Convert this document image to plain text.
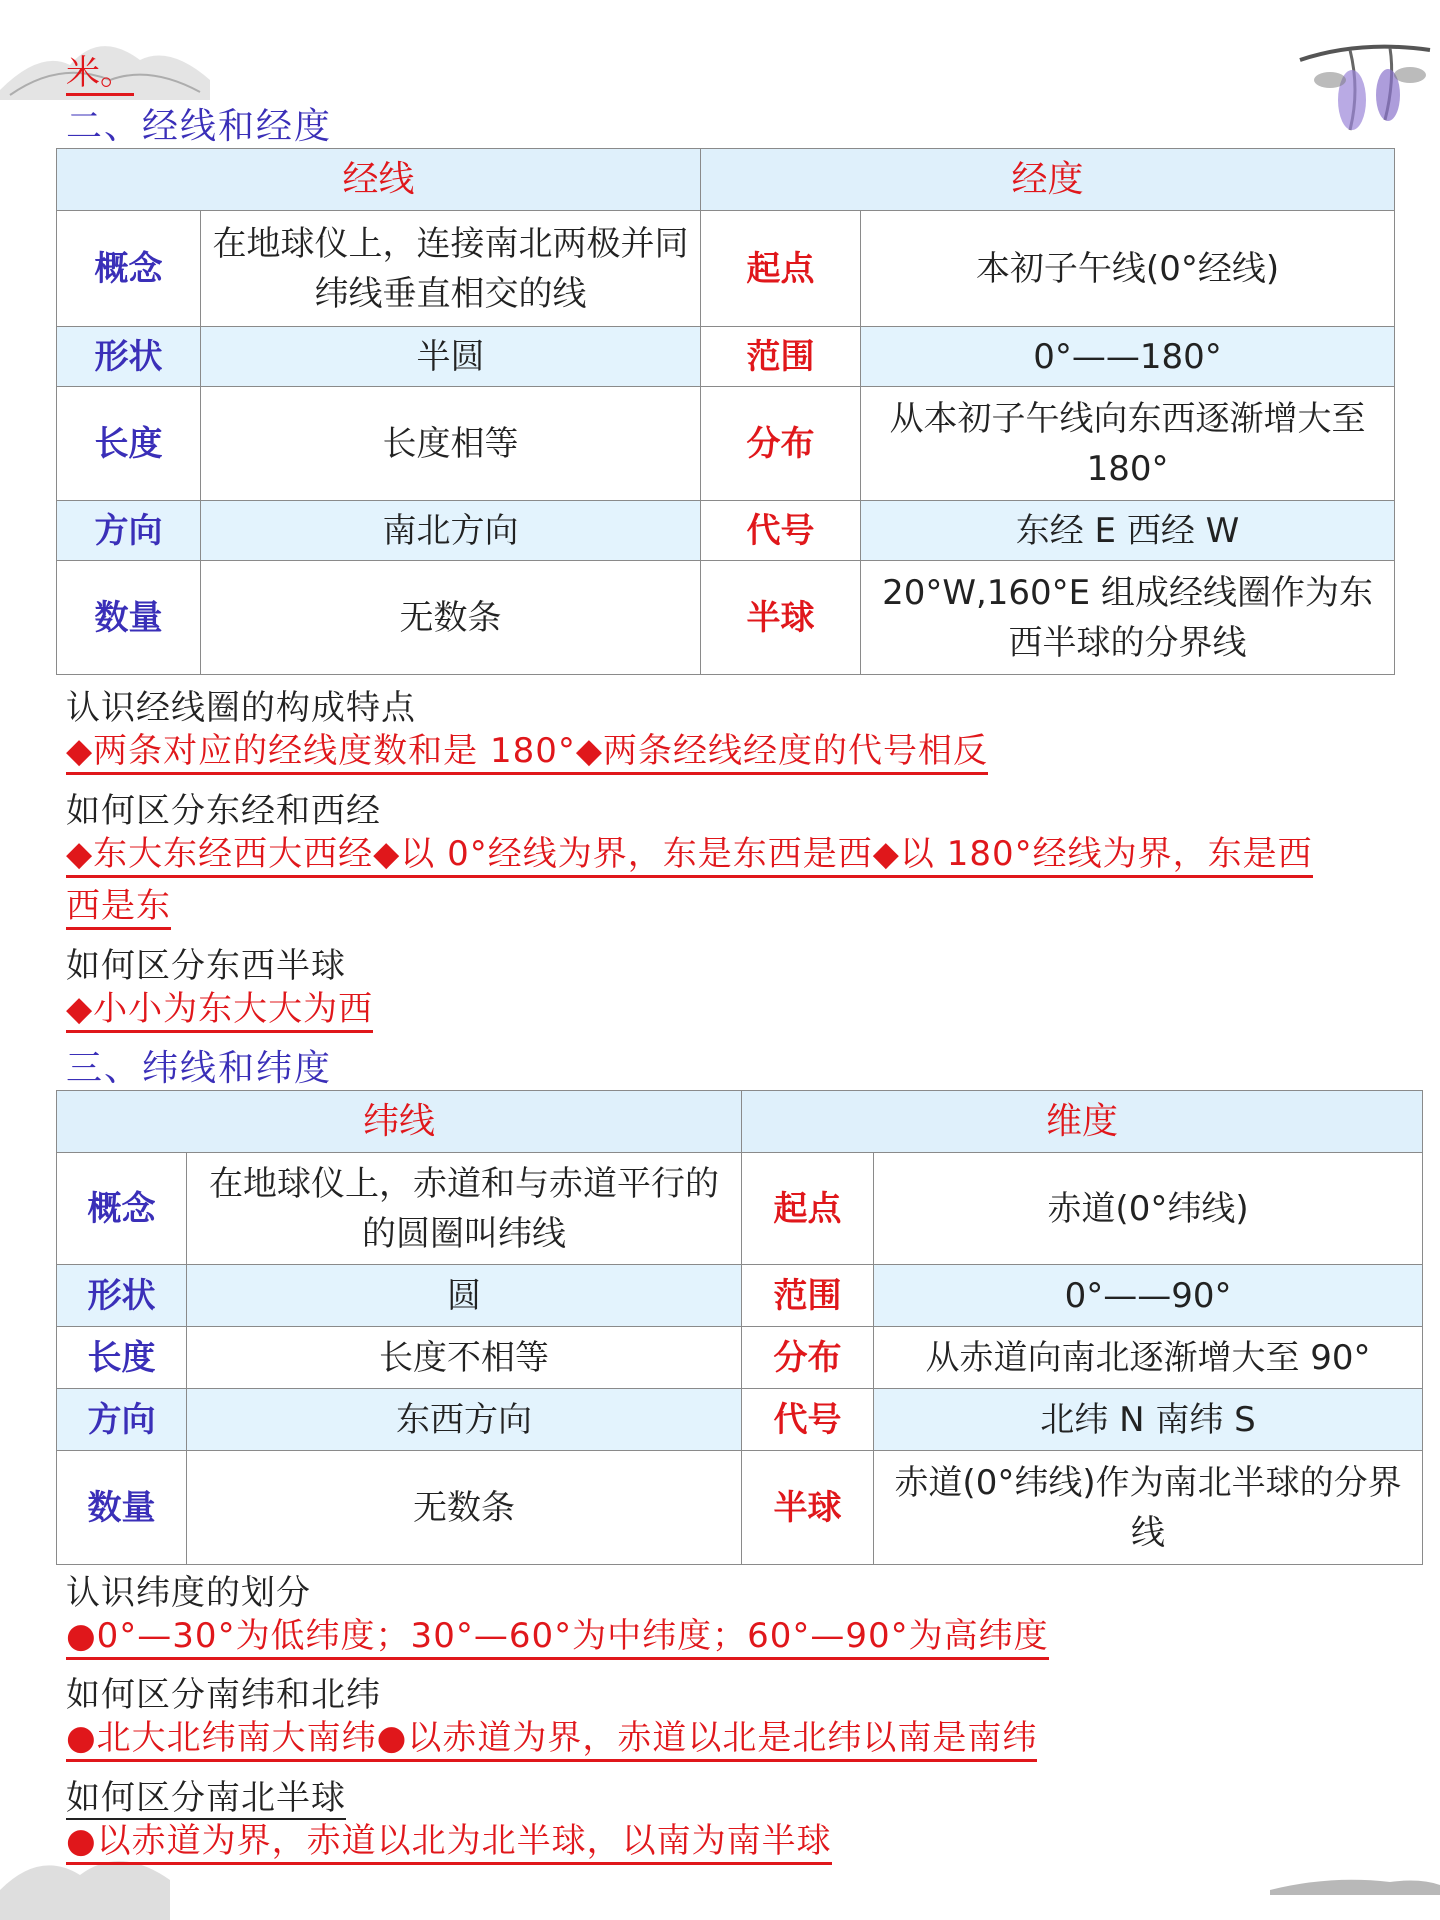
米。
二、经线和经度
经线		经度	
概念	在地球仪上，连接南北两极并同纬线垂直相交的线	起点	本初子午线(0°经线)
形状	半圆	范围	0°——180°
长度	长度相等	分布	从本初子午线向东西逐渐增大至 180°
方向	南北方向	代号	东经 E 西经 W
数量	无数条	半球	20°W,160°E 组成经线圈作为东西半球的分界线
认识经线圈的构成特点
◆两条对应的经线度数和是 180°◆两条经线经度的代号相反
如何区分东经和西经
◆东大东经西大西经◆以 0°经线为界，东是东西是西◆以 180°经线为界，东是西
西是东
如何区分东西半球
◆小小为东大大为西
三、纬线和纬度
纬线		维度	
概念	在地球仪上，赤道和与赤道平行的的圆圈叫纬线	起点	赤道(0°纬线)
形状	圆	范围	0°——90°
长度	长度不相等	分布	从赤道向南北逐渐增大至 90°
方向	东西方向	代号	北纬 N 南纬 S
数量	无数条	半球	赤道(0°纬线)作为南北半球的分界线
认识纬度的划分
●0°—30°为低纬度；30°—60°为中纬度；60°—90°为高纬度
如何区分南纬和北纬
●北大北纬南大南纬●以赤道为界，赤道以北是北纬以南是南纬
如何区分南北半球
●以赤道为界，赤道以北为北半球，以南为南半球
